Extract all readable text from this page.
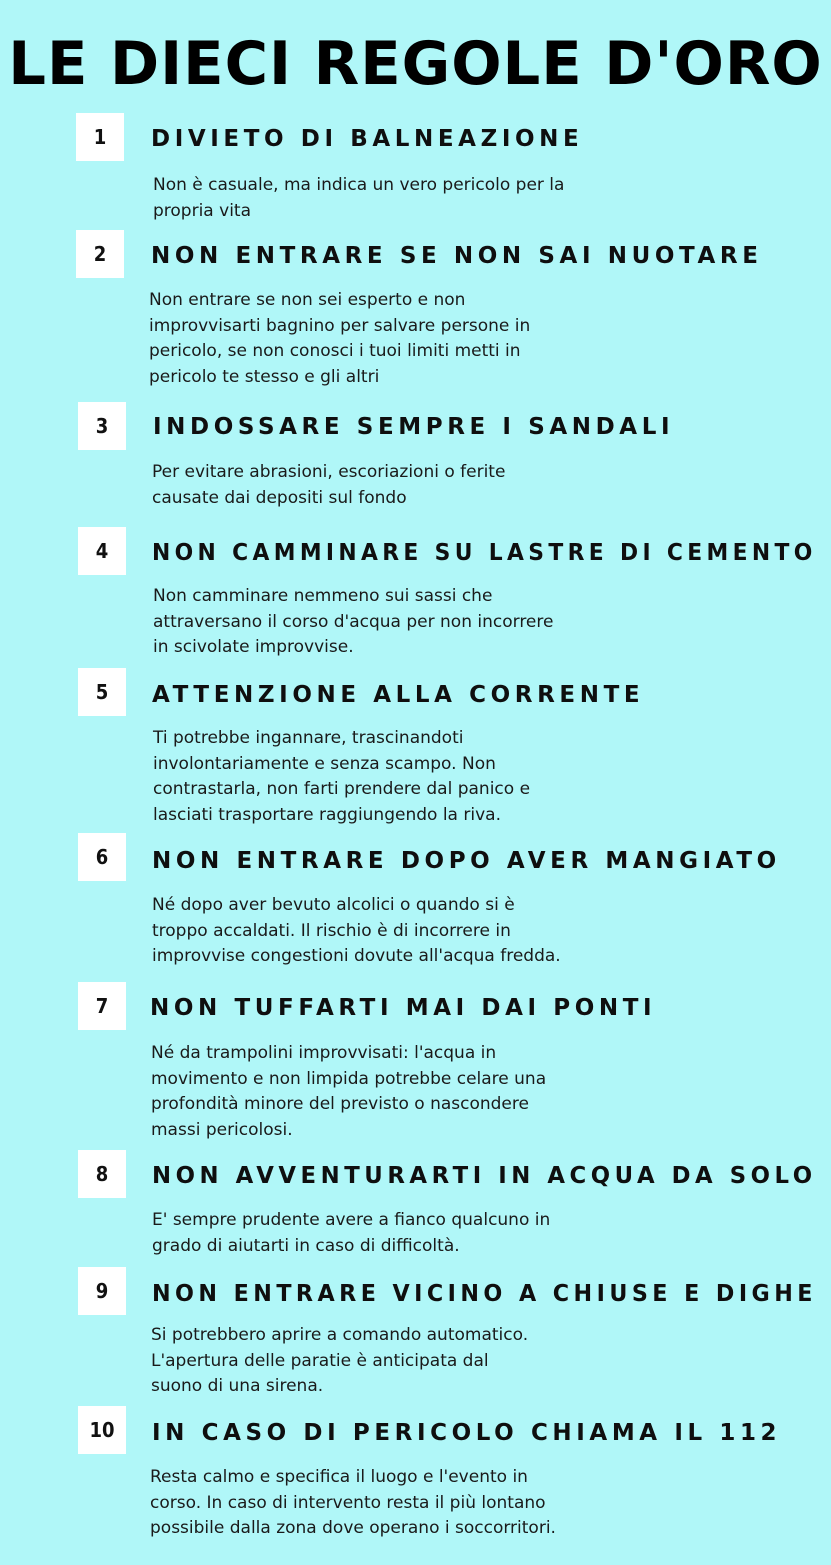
LE DIECI REGOLE D'ORO
1	DIVIETO DI BALNEAZIONE

Non è casuale, ma indica un vero pericolo per la
propria vita

2	NON ENTRARE SE NON SAI NUOTARE

Non entrare se non sei esperto e non
improvvisarti bagnino per salvare persone in
pericolo, se non conosci i tuoi limiti metti in
pericolo te stesso e gli altri

3	INDOSSARE SEMPRE I SANDALI

Per evitare abrasioni, escoriazioni o ferite
causate dai depositi sul fondo

4	NON CAMMINARE SU LASTRE DI CEMENTO

Non camminare nemmeno sui sassi che
attraversano il corso d'acqua per non incorrere
in scivolate improvvise.

5	ATTENZIONE ALLA CORRENTE

Ti potrebbe ingannare, trascinandoti
involontariamente e senza scampo. Non
contrastarla, non farti prendere dal panico e
lasciati trasportare raggiungendo la riva.

6	NON ENTRARE DOPO AVER MANGIATO

Né dopo aver bevuto alcolici o quando si è
troppo accaldati. Il rischio è di incorrere in
improvvise congestioni dovute all'acqua fredda.

7	NON TUFFARTI MAI DAI PONTI

Né da trampolini improvvisati: l'acqua in
movimento e non limpida potrebbe celare una
profondità minore del previsto o nascondere
massi pericolosi.

8	NON AVVENTURARTI IN ACQUA DA SOLO

E' sempre prudente avere a fianco qualcuno in
grado di aiutarti in caso di difficoltà.

9	NON ENTRARE VICINO A CHIUSE E DIGHE

Si potrebbero aprire a comando automatico.
L'apertura delle paratie è anticipata dal
suono di una sirena.

10	IN CASO DI PERICOLO CHIAMA IL 112

Resta calmo e specifica il luogo e l'evento in
corso. In caso di intervento resta il più lontano
possibile dalla zona dove operano i soccorritori.
